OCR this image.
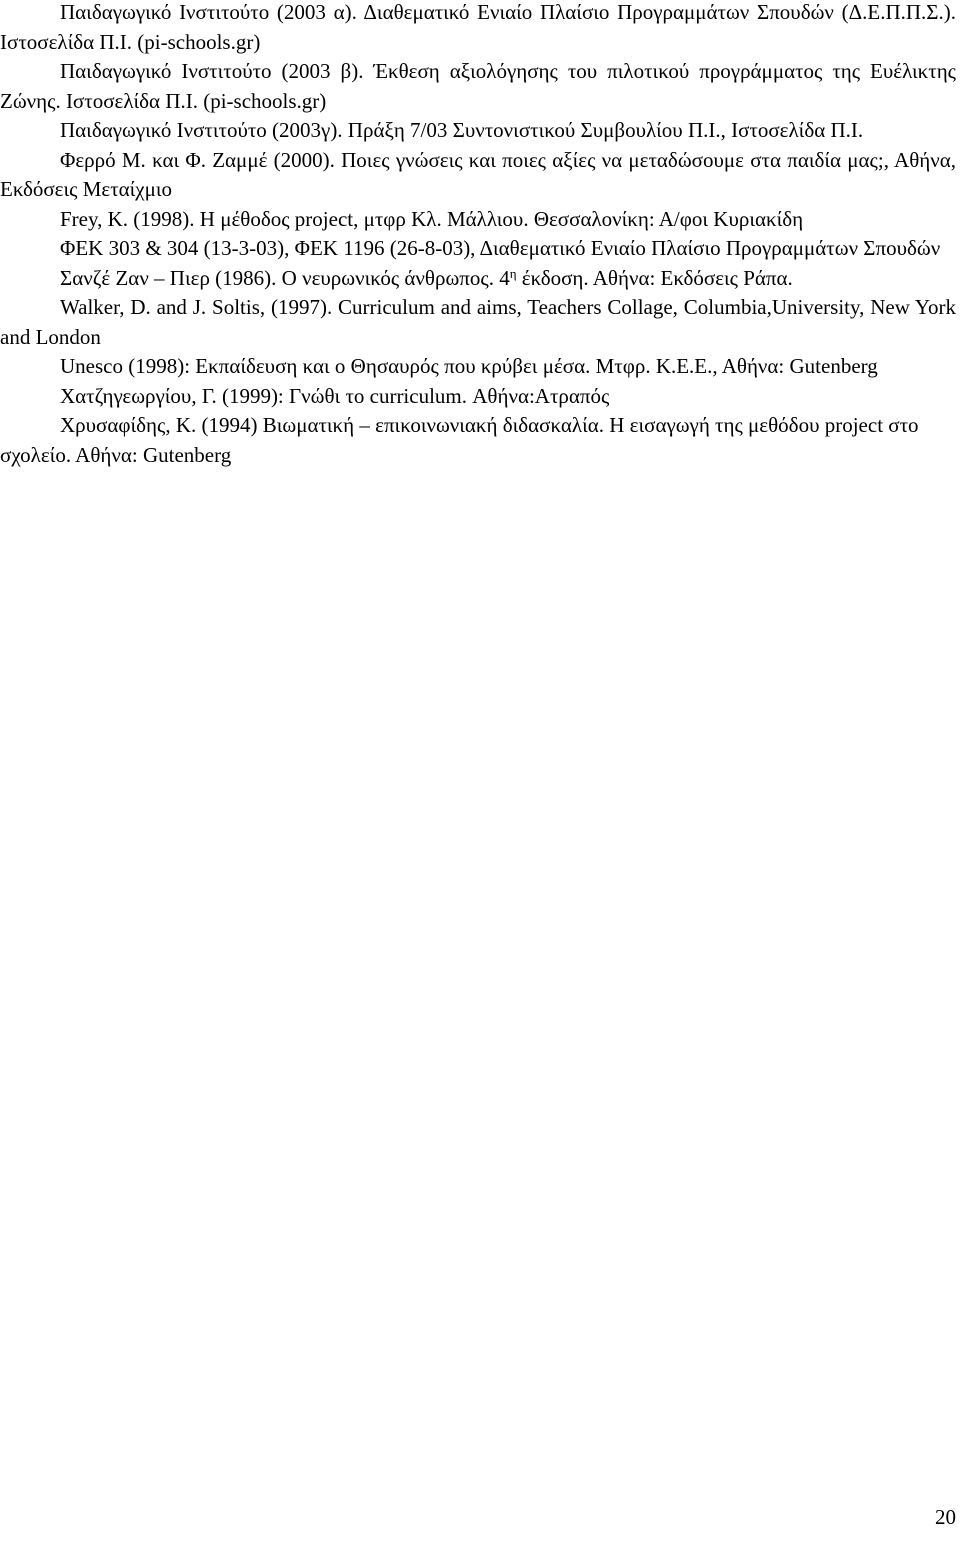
Παιδαγωγικό Ινστιτούτο (2003 α). Διαθεματικό Ενιαίο Πλαίσιο Προγραμμάτων Σπουδών (Δ.Ε.Π.Π.Σ.). Ιστοσελίδα Π.Ι. (pi-schools.gr)

Παιδαγωγικό Ινστιτούτο (2003 β). Έκθεση αξιολόγησης του πιλοτικού προγράμματος της Ευέλικτης Ζώνης. Ιστοσελίδα Π.Ι. (pi-schools.gr)

Παιδαγωγικό Ινστιτούτο (2003γ). Πράξη 7/03 Συντονιστικού Συμβουλίου Π.Ι., Ιστοσελίδα Π.Ι.

Φερρό Μ. και Φ. Ζαμμέ (2000). Ποιες γνώσεις και ποιες αξίες να μεταδώσουμε στα παιδία μας;, Αθήνα, Εκδόσεις Μεταίχμιο

Frey, K. (1998). Η μέθοδος project, μτφρ Κλ. Μάλλιου. Θεσσαλονίκη: Α/φοι Κυριακίδη

ΦΕΚ 303 & 304 (13-3-03), ΦΕΚ 1196 (26-8-03), Διαθεματικό Ενιαίο Πλαίσιο Προγραμμάτων Σπουδών

Σανζέ Ζαν – Πιερ (1986). Ο νευρωνικός άνθρωπος. $4^\eta$ έκδοση. Αθήνα: Εκδόσεις Ράπα.

Walker, D. and J. Soltis, (1997). Curriculum and aims, Teachers Collage, Columbia,University, New York and London

Unesco (1998): Εκπαίδευση και ο Θησαυρός που κρύβει μέσα. Μτφρ. Κ.Ε.Ε., Αθήνα: Gutenberg

Χατζηγεωργίου, Γ. (1999): Γνώθι το curriculum. Αθήνα:Ατραπός

Χρυσαφίδης, Κ. (1994) Βιωματική – επικοινωνιακή διδασκαλία. Η εισαγωγή της μεθόδου project στο σχολείο. Αθήνα: Gutenberg

20
